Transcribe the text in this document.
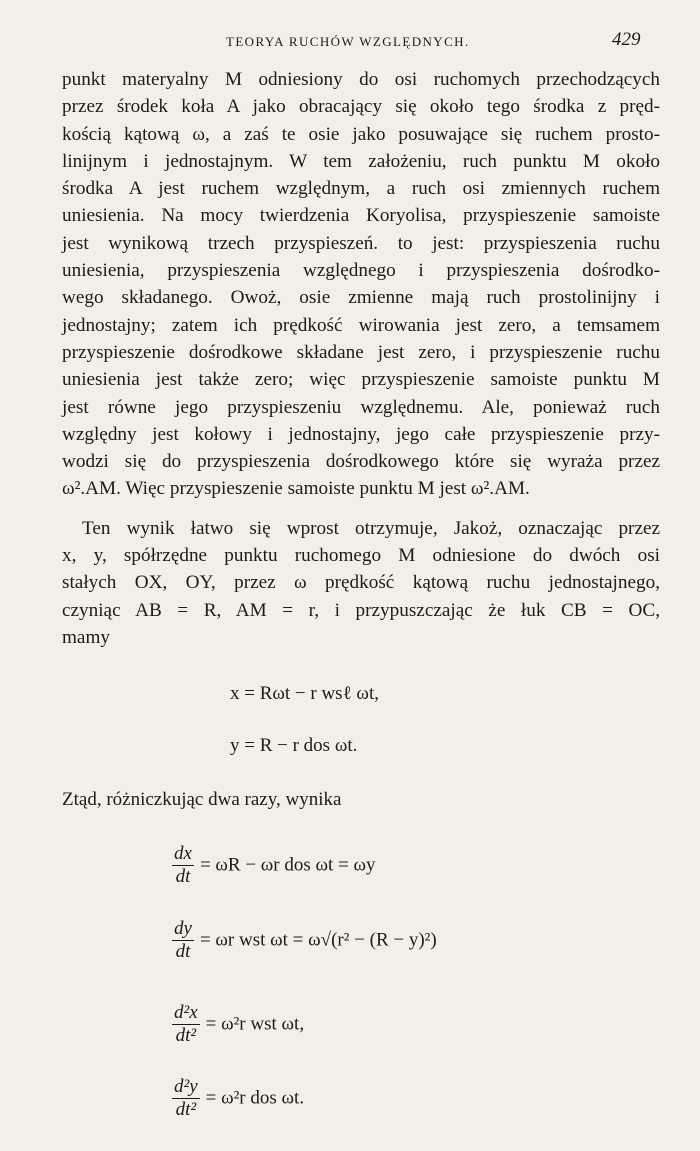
TEORYA RUCHÓW WZGLĘDNYCH.	429
punkt materyalny M odniesiony do osi ruchomych przechodzących
przez środek koła A jako obracający się około tego środka z pręd-
kością kątową ω, a zaś te osie jako posuwające się ruchem prosto-
linijnym i jednostajnym. W tem założeniu, ruch punktu M około
środka A jest ruchem względnym, a ruch osi zmiennych ruchem
uniesienia. Na mocy twierdzenia Koryolisa, przyspieszenie samoiste
jest wynikową trzech przyspieszeń. to jest: przyspieszenia ruchu
uniesienia, przyspieszenia względnego i przyspieszenia dośrodko-
wego składanego. Owoż, osie zmienne mają ruch prostolinijny i
jednostajny; zatem ich prędkość wirowania jest zero, a temsamem
przyspieszenie dośrodkowe składane jest zero, i przyspieszenie ruchu
uniesienia jest także zero; więc przyspieszenie samoiste punktu M
jest równe jego przyspieszeniu względnemu. Ale, ponieważ ruch
względny jest kołowy i jednostajny, jego całe przyspieszenie przy-
wodzi się do przyspieszenia dośrodkowego które się wyraża przez
ω².AM. Więc przyspieszenie samoiste punktu M jest ω².AM.
Ten wynik łatwo się wprost otrzymuje, Jakoż, oznaczając przez
x, y, spółrzędne punktu ruchomego M odniesione do dwóch osi
stałych OX, OY, przez ω prędkość kątową ruchu jednostajnego,
czyniąc AB = R, AM = r, i przypuszczając że łuk CB = OC,
mamy
x = Rωt − r wsℓ ωt,
y = R − r dos ωt.
Ztąd, różniczkując dwa razy, wynika
$\frac{dx}{dt} = \omega R - \omega r$ dos ωt = ωy
$\frac{dy}{dt} = \omega r$ wst ωt = ω√(r² − (R − y)²)
$\frac{\text{d²x}}{\text{dt²}} = \omega^2r$ wst ωt,
$\frac{\text{d²y}}{\text{dt²}} = \omega^2r$ dos ωt.
